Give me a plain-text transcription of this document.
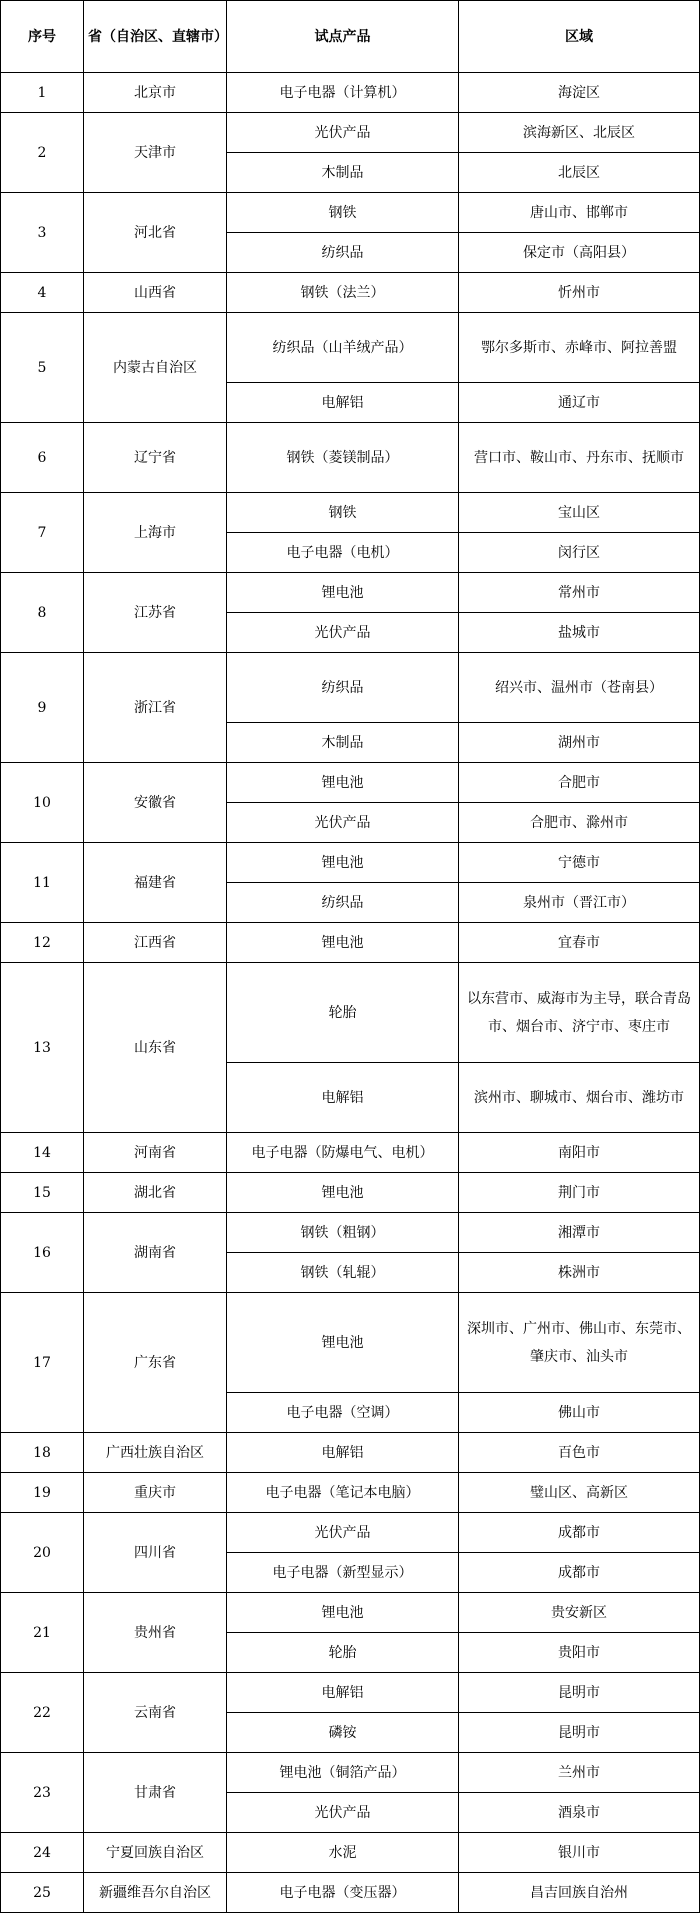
序号	省（自治区、直辖市）	试点产品	区域
1	北京市	电子电器（计算机）	海淀区
2	天津市	光伏产品	滨海新区、北辰区
		木制品	北辰区
3	河北省	钢铁	唐山市、邯郸市
		纺织品	保定市（高阳县）
4	山西省	钢铁（法兰）	忻州市
5	内蒙古自治区	纺织品（山羊绒产品）	鄂尔多斯市、赤峰市、阿拉善盟
		电解铝	通辽市
6	辽宁省	钢铁（菱镁制品）	营口市、鞍山市、丹东市、抚顺市
7	上海市	钢铁	宝山区
		电子电器（电机）	闵行区
8	江苏省	锂电池	常州市
		光伏产品	盐城市
9	浙江省	纺织品	绍兴市、温州市（苍南县）
		木制品	湖州市
10	安徽省	锂电池	合肥市
		光伏产品	合肥市、滁州市
11	福建省	锂电池	宁德市
		纺织品	泉州市（晋江市）
12	江西省	锂电池	宜春市
13	山东省	轮胎	以东营市、威海市为主导，联合青岛市、烟台市、济宁市、枣庄市
		电解铝	滨州市、聊城市、烟台市、潍坊市
14	河南省	电子电器（防爆电气、电机）	南阳市
15	湖北省	锂电池	荆门市
16	湖南省	钢铁（粗钢）	湘潭市
		钢铁（轧辊）	株洲市
17	广东省	锂电池	深圳市、广州市、佛山市、东莞市、肇庆市、汕头市
		电子电器（空调）	佛山市
18	广西壮族自治区	电解铝	百色市
19	重庆市	电子电器（笔记本电脑）	璧山区、高新区
20	四川省	光伏产品	成都市
		电子电器（新型显示）	成都市
21	贵州省	锂电池	贵安新区
		轮胎	贵阳市
22	云南省	电解铝	昆明市
		磷铵	昆明市
23	甘肃省	锂电池（铜箔产品）	兰州市
		光伏产品	酒泉市
24	宁夏回族自治区	水泥	银川市
25	新疆维吾尔自治区	电子电器（变压器）	昌吉回族自治州
